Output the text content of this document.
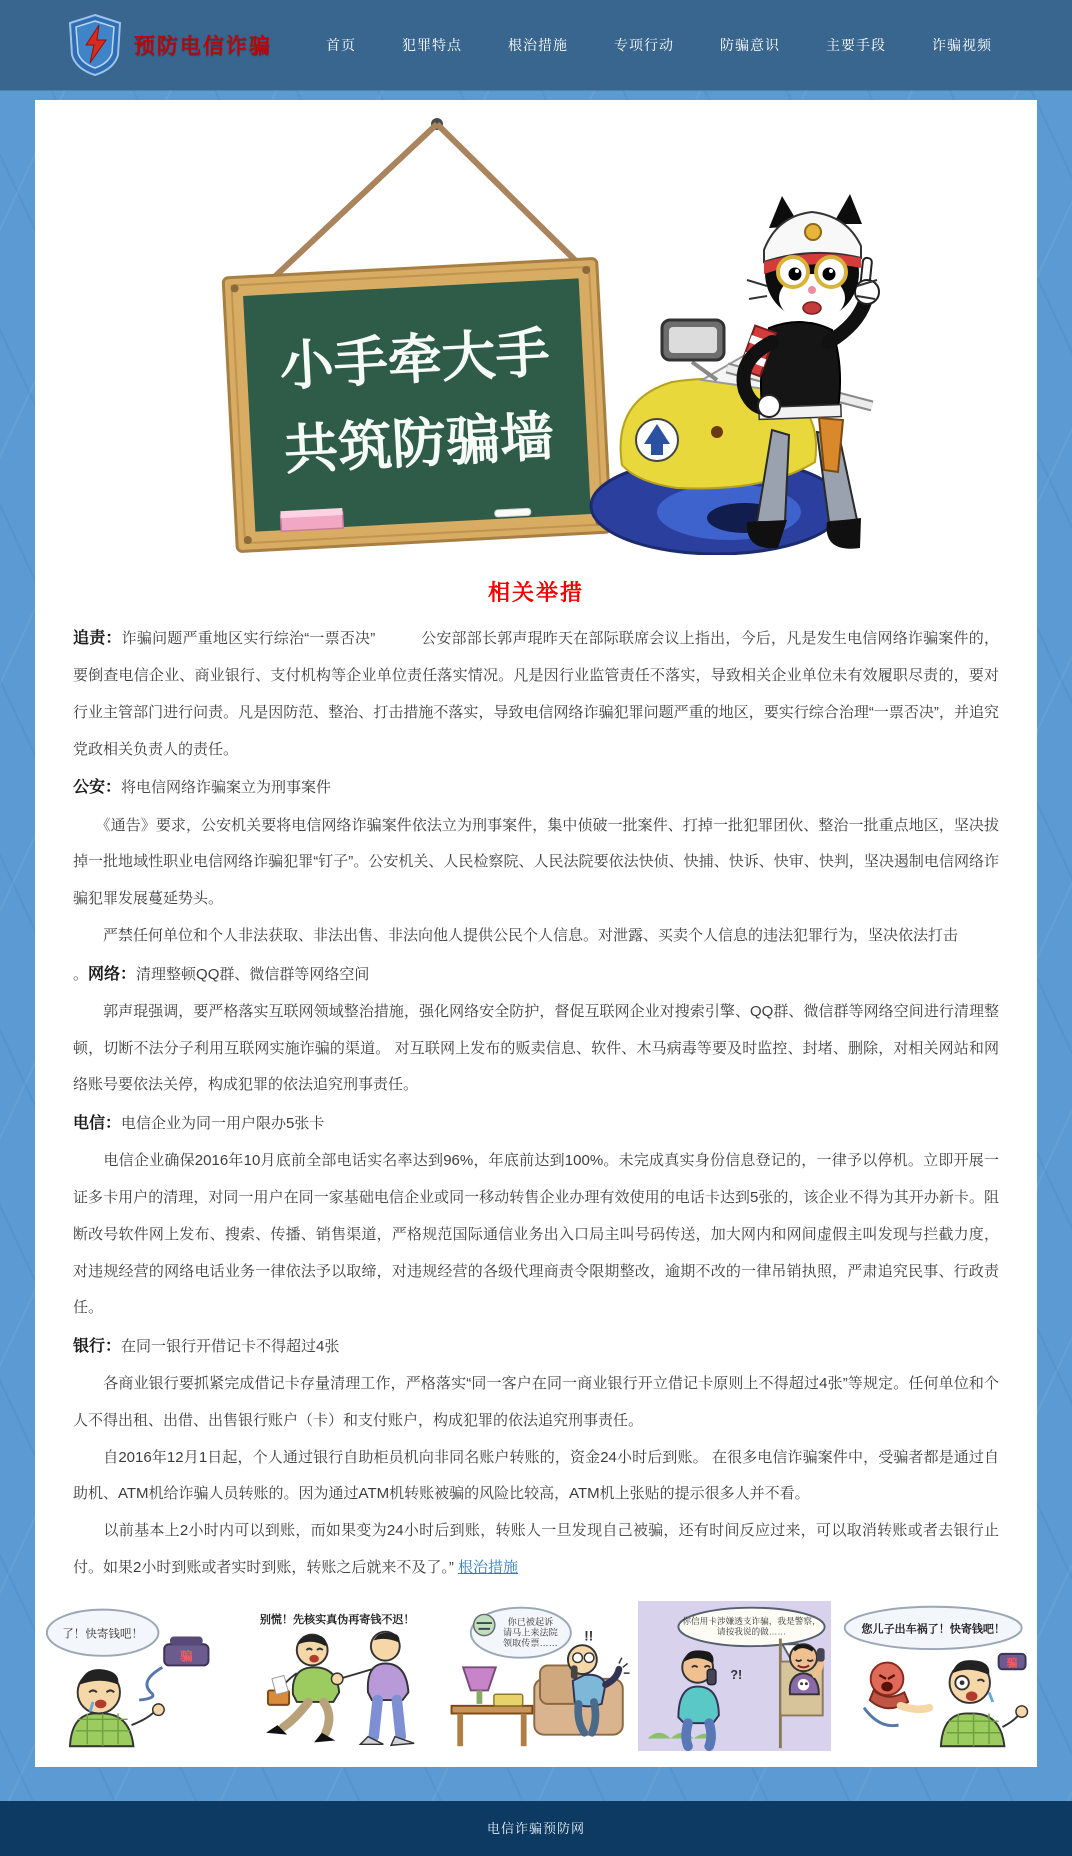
预防电信诈骗	首页	犯罪特点	根治措施	专项行动	防骗意识	主要手段	诈骗视频
小手牵大手
共筑防骗墙
相关举措

追责：诈骗问题严重地区实行综治“一票否决”　　　公安部部长郭声琨昨天在部际联席会议上指出，今后，凡是发生电信网络诈骗案件的，要倒查电信企业、商业银行、支付机构等企业单位责任落实情况。凡是因行业监管责任不落实，导致相关企业单位未有效履职尽责的，要对行业主管部门进行问责。凡是因防范、整治、打击措施不落实，导致电信网络诈骗犯罪问题严重的地区，要实行综合治理“一票否决”，并追究党政相关负责人的责任。

公安：将电信网络诈骗案立为刑事案件

　　《通告》要求，公安机关要将电信网络诈骗案件依法立为刑事案件，集中侦破一批案件、打掉一批犯罪团伙、整治一批重点地区，坚决拔掉一批地域性职业电信网络诈骗犯罪“钉子”。公安机关、人民检察院、人民法院要依法快侦、快捕、快诉、快审、快判，坚决遏制电信网络诈骗犯罪发展蔓延势头。

　　严禁任何单位和个人非法获取、非法出售、非法向他人提供公民个人信息。对泄露、买卖个人信息的违法犯罪行为，坚决依法打击

。网络：清理整顿QQ群、微信群等网络空间

　　郭声琨强调，要严格落实互联网领域整治措施，强化网络安全防护，督促互联网企业对搜索引擎、QQ群、微信群等网络空间进行清理整顿，切断不法分子利用互联网实施诈骗的渠道。 对互联网上发布的贩卖信息、软件、木马病毒等要及时监控、封堵、删除，对相关网站和网络账号要依法关停，构成犯罪的依法追究刑事责任。

电信：电信企业为同一用户限办5张卡

　　电信企业确保2016年10月底前全部电话实名率达到96%，年底前达到100%。未完成真实身份信息登记的，一律予以停机。立即开展一证多卡用户的清理，对同一用户在同一家基础电信企业或同一移动转售企业办理有效使用的电话卡达到5张的，该企业不得为其开办新卡。阻断改号软件网上发布、搜索、传播、销售渠道，严格规范国际通信业务出入口局主叫号码传送，加大网内和网间虚假主叫发现与拦截力度，对违规经营的网络电话业务一律依法予以取缔，对违规经营的各级代理商责令限期整改，逾期不改的一律吊销执照，严肃追究民事、行政责任。

银行：在同一银行开借记卡不得超过4张

　　各商业银行要抓紧完成借记卡存量清理工作，严格落实“同一客户在同一商业银行开立借记卡原则上不得超过4张”等规定。任何单位和个人不得出租、出借、出售银行账户（卡）和支付账户，构成犯罪的依法追究刑事责任。

　　自2016年12月1日起，个人通过银行自助柜员机向非同名账户转账的，资金24小时后到账。 在很多电信诈骗案件中，受骗者都是通过自助机、ATM机给诈骗人员转账的。因为通过ATM机转账被骗的风险比较高，ATM机上张贴的提示很多人并不看。

　　以前基本上2小时内可以到账，而如果变为24小时后到账，转账人一旦发现自己被骗，还有时间反应过来，可以取消转账或者去银行止付。如果2小时到账或者实时到账，转账之后就来不及了。” 根治措施

了！快寄钱吧！
骗
别慌！先核实真伪再寄钱不迟！	你已被起诉
请马上来法院
领取传票…… !!
你信用卡涉嫌透支诈骗，我是警察，
请按我说的做……
?!
您儿子出车祸了！快寄钱吧！
骗
电信诈骗预防网
